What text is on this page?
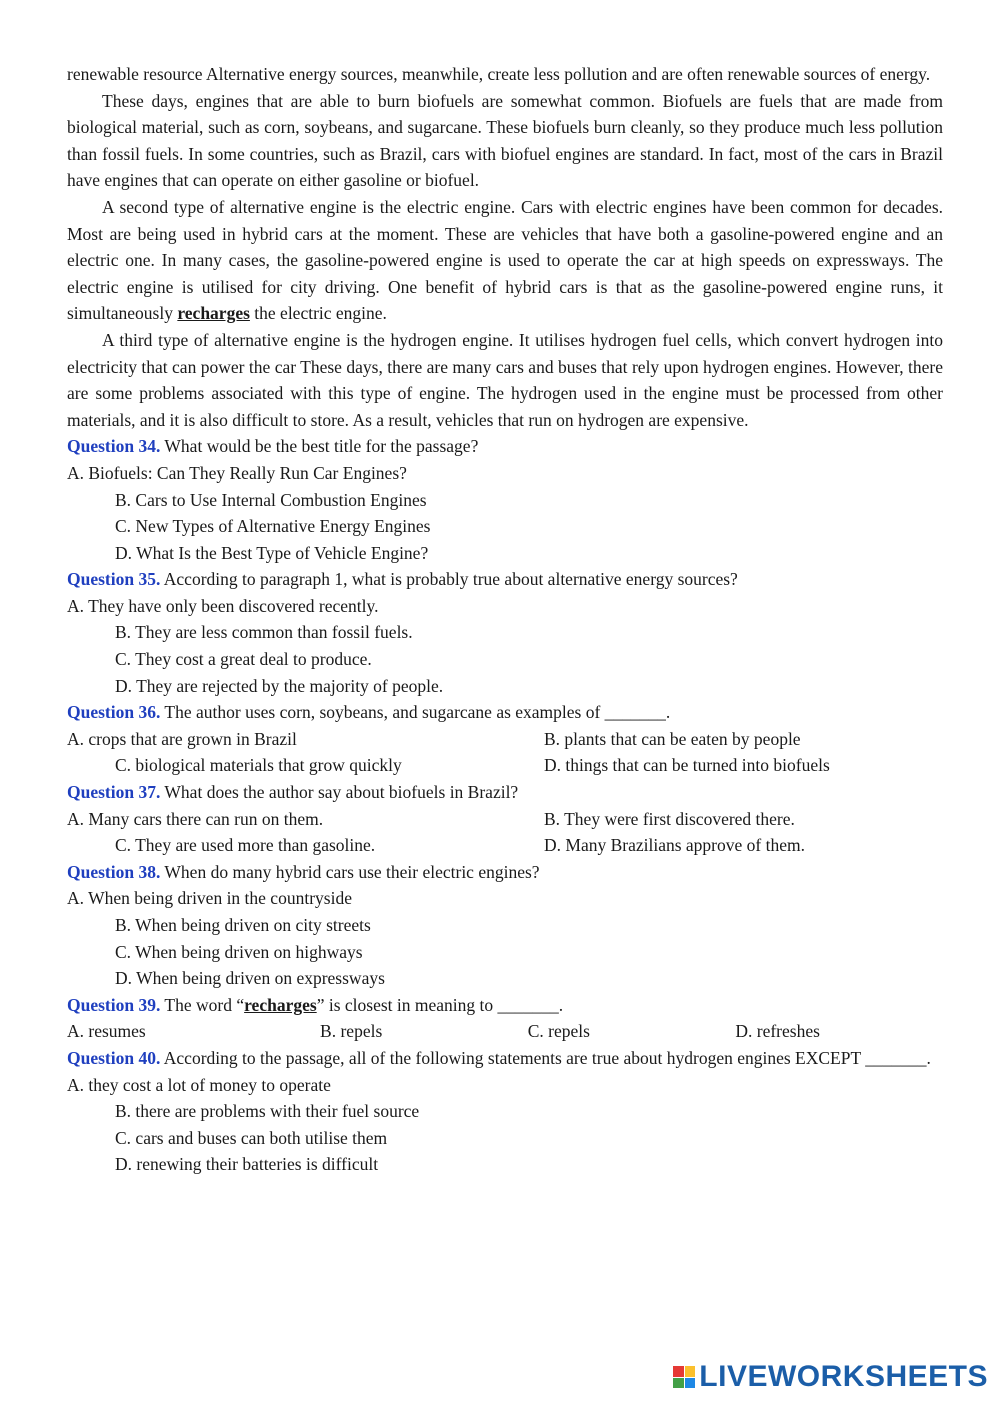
renewable resource Alternative energy sources, meanwhile, create less pollution and are often renewable sources of energy.

These days, engines that are able to burn biofuels are somewhat common. Biofuels are fuels that are made from biological material, such as corn, soybeans, and sugarcane. These biofuels burn cleanly, so they produce much less pollution than fossil fuels. In some countries, such as Brazil, cars with biofuel engines are standard. In fact, most of the cars in Brazil have engines that can operate on either gasoline or biofuel.

A second type of alternative engine is the electric engine. Cars with electric engines have been common for decades. Most are being used in hybrid cars at the moment. These are vehicles that have both a gasoline-powered engine and an electric one. In many cases, the gasoline-powered engine is used to operate the car at high speeds on expressways. The electric engine is utilised for city driving. One benefit of hybrid cars is that as the gasoline-powered engine runs, it simultaneously recharges the electric engine.

A third type of alternative engine is the hydrogen engine. It utilises hydrogen fuel cells, which convert hydrogen into electricity that can power the car These days, there are many cars and buses that rely upon hydrogen engines. However, there are some problems associated with this type of engine. The hydrogen used in the engine must be processed from other materials, and it is also difficult to store. As a result, vehicles that run on hydrogen are expensive.

Question 34. What would be the best title for the passage?

A. Biofuels: Can They Really Run Car Engines?

B. Cars to Use Internal Combustion Engines

C. New Types of Alternative Energy Engines

D. What Is the Best Type of Vehicle Engine?

Question 35. According to paragraph 1, what is probably true about alternative energy sources?

A. They have only been discovered recently.

B. They are less common than fossil fuels.

C. They cost a great deal to produce.

D. They are rejected by the majority of people.

Question 36. The author uses corn, soybeans, and sugarcane as examples of _______.

A. crops that are grown in Brazil	B. plants that can be eaten by people
C. biological materials that grow quickly	D. things that can be turned into biofuels

Question 37. What does the author say about biofuels in Brazil?

A. Many cars there can run on them.	B. They were first discovered there.
C. They are used more than gasoline.	D. Many Brazilians approve of them.

Question 38. When do many hybrid cars use their electric engines?

A. When being driven in the countryside

B. When being driven on city streets

C. When being driven on highways

D. When being driven on expressways

Question 39. The word “recharges” is closest in meaning to _______.

A. resumes	B. repels	C. repels	D. refreshes

Question 40. According to the passage, all of the following statements are true about hydrogen engines EXCEPT _______.

A. they cost a lot of money to operate

B. there are problems with their fuel source

C. cars and buses can both utilise them

D. renewing their batteries is difficult

LIVEWORKSHEETS
